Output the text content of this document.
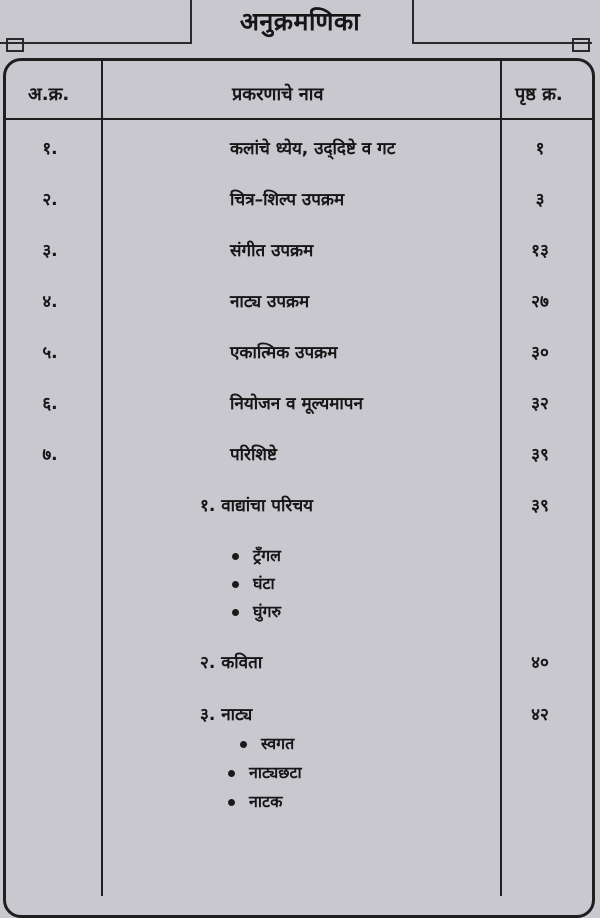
अनुक्रमणिका
अ.क्र.	प्रकरणाचे नाव	पृष्ठ क्र.
१.	कलांचे ध्येय, उद्‌दिष्टे व गट	१
२.	चित्र–शिल्प उपक्रम	३
३.	संगीत उपक्रम	१३
४.	नाट्य उपक्रम	२७
५.	एकात्मिक उपक्रम	३०
६.	नियोजन व मूल्यमापन	३२
७.	परिशिष्टे	३९
१. वाद्यांचा परिचय	३९
ट्रँगल
घंटा
घुंगरु
२. कविता	४०
३. नाट्य	४२
स्वगत
नाट्यछटा
नाटक
